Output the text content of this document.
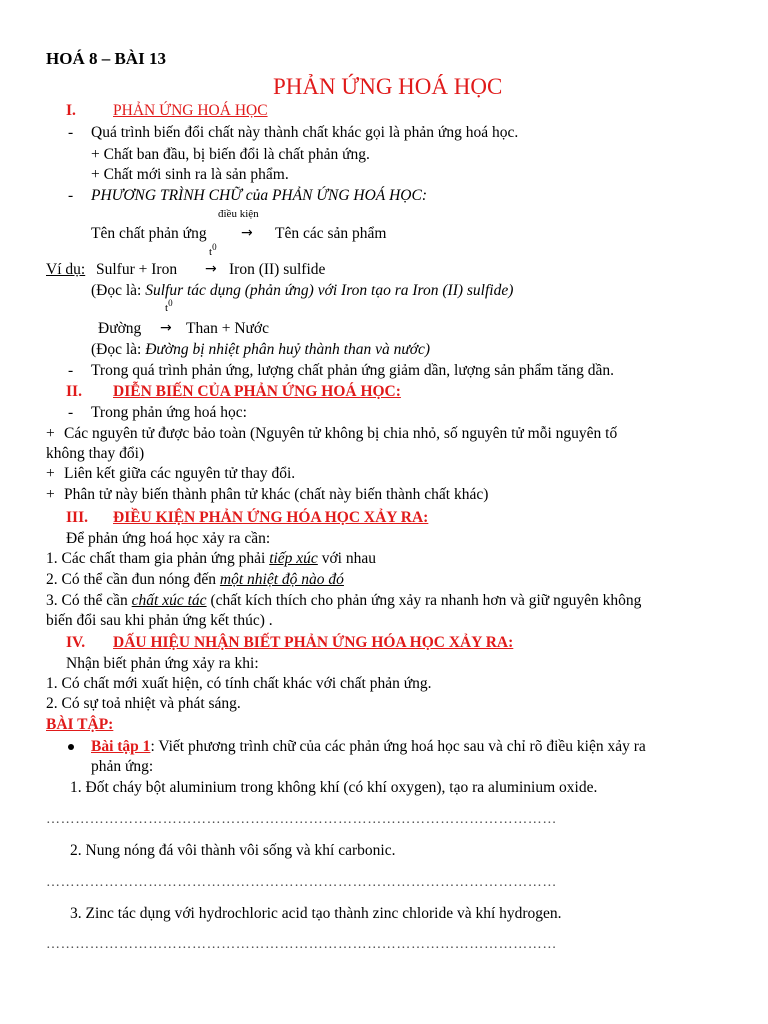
HOÁ 8 – BÀI 13
PHẢN ỨNG HOÁ HỌC
I. PHẢN ỨNG HOÁ HỌC
- Quá trình biến đổi chất này thành chất khác gọi là phản ứng hoá học.
+ Chất ban đầu, bị biến đổi là chất phản ứng.
+ Chất mới sinh ra là sản phẩm.
- PHƯƠNG TRÌNH CHỮ của PHẢN ỨNG HOÁ HỌC:
điều kiện
Tên chất phản ứng → Tên các sản phẩm
$t^0$
Ví dụ: Sulfur + Iron → Iron (II) sulfide
(Đọc là: Sulfur tác dụng (phản ứng) với Iron tạo ra Iron (II) sulfide)
$t^0$
Đường → Than + Nước
(Đọc là: Đường bị nhiệt phân huỷ thành than và nước)
- Trong quá trình phản ứng, lượng chất phản ứng giảm dần, lượng sản phẩm tăng dần.
II. DIỄN BIẾN CỦA PHẢN ỨNG HOÁ HỌC:
- Trong phản ứng hoá học:
+ Các nguyên tử được bảo toàn (Nguyên tử không bị chia nhỏ, số nguyên tử mỗi nguyên tố
không thay đổi)
+ Liên kết giữa các nguyên tử thay đổi.
+ Phân tử này biến thành phân tử khác (chất này biến thành chất khác)
III. ĐIỀU KIỆN PHẢN ỨNG HÓA HỌC XẢY RA:
Để phản ứng hoá học xảy ra cần:
1. Các chất tham gia phản ứng phải tiếp xúc với nhau
2. Có thể cần đun nóng đến một nhiệt độ nào đó
3. Có thể cần chất xúc tác (chất kích thích cho phản ứng xảy ra nhanh hơn và giữ nguyên không
biến đổi sau khi phản ứng kết thúc) .
IV. DẤU HIỆU NHẬN BIẾT PHẢN ỨNG HÓA HỌC XẢY RA:
Nhận biết phản ứng xảy ra khi:
1. Có chất mới xuất hiện, có tính chất khác với chất phản ứng.
2. Có sự toả nhiệt và phát sáng.
BÀI TẬP:
Bài tập 1: Viết phương trình chữ của các phản ứng hoá học sau và chỉ rõ điều kiện xảy ra
phản ứng:
1. Đốt cháy bột aluminium trong không khí (có khí oxygen), tạo ra aluminium oxide.
……………………………………………………………………………………………
2. Nung nóng đá vôi thành vôi sống và khí carbonic.
……………………………………………………………………………………………
3. Zinc tác dụng với hydrochloric acid tạo thành zinc chloride và khí hydrogen.
……………………………………………………………………………………………
